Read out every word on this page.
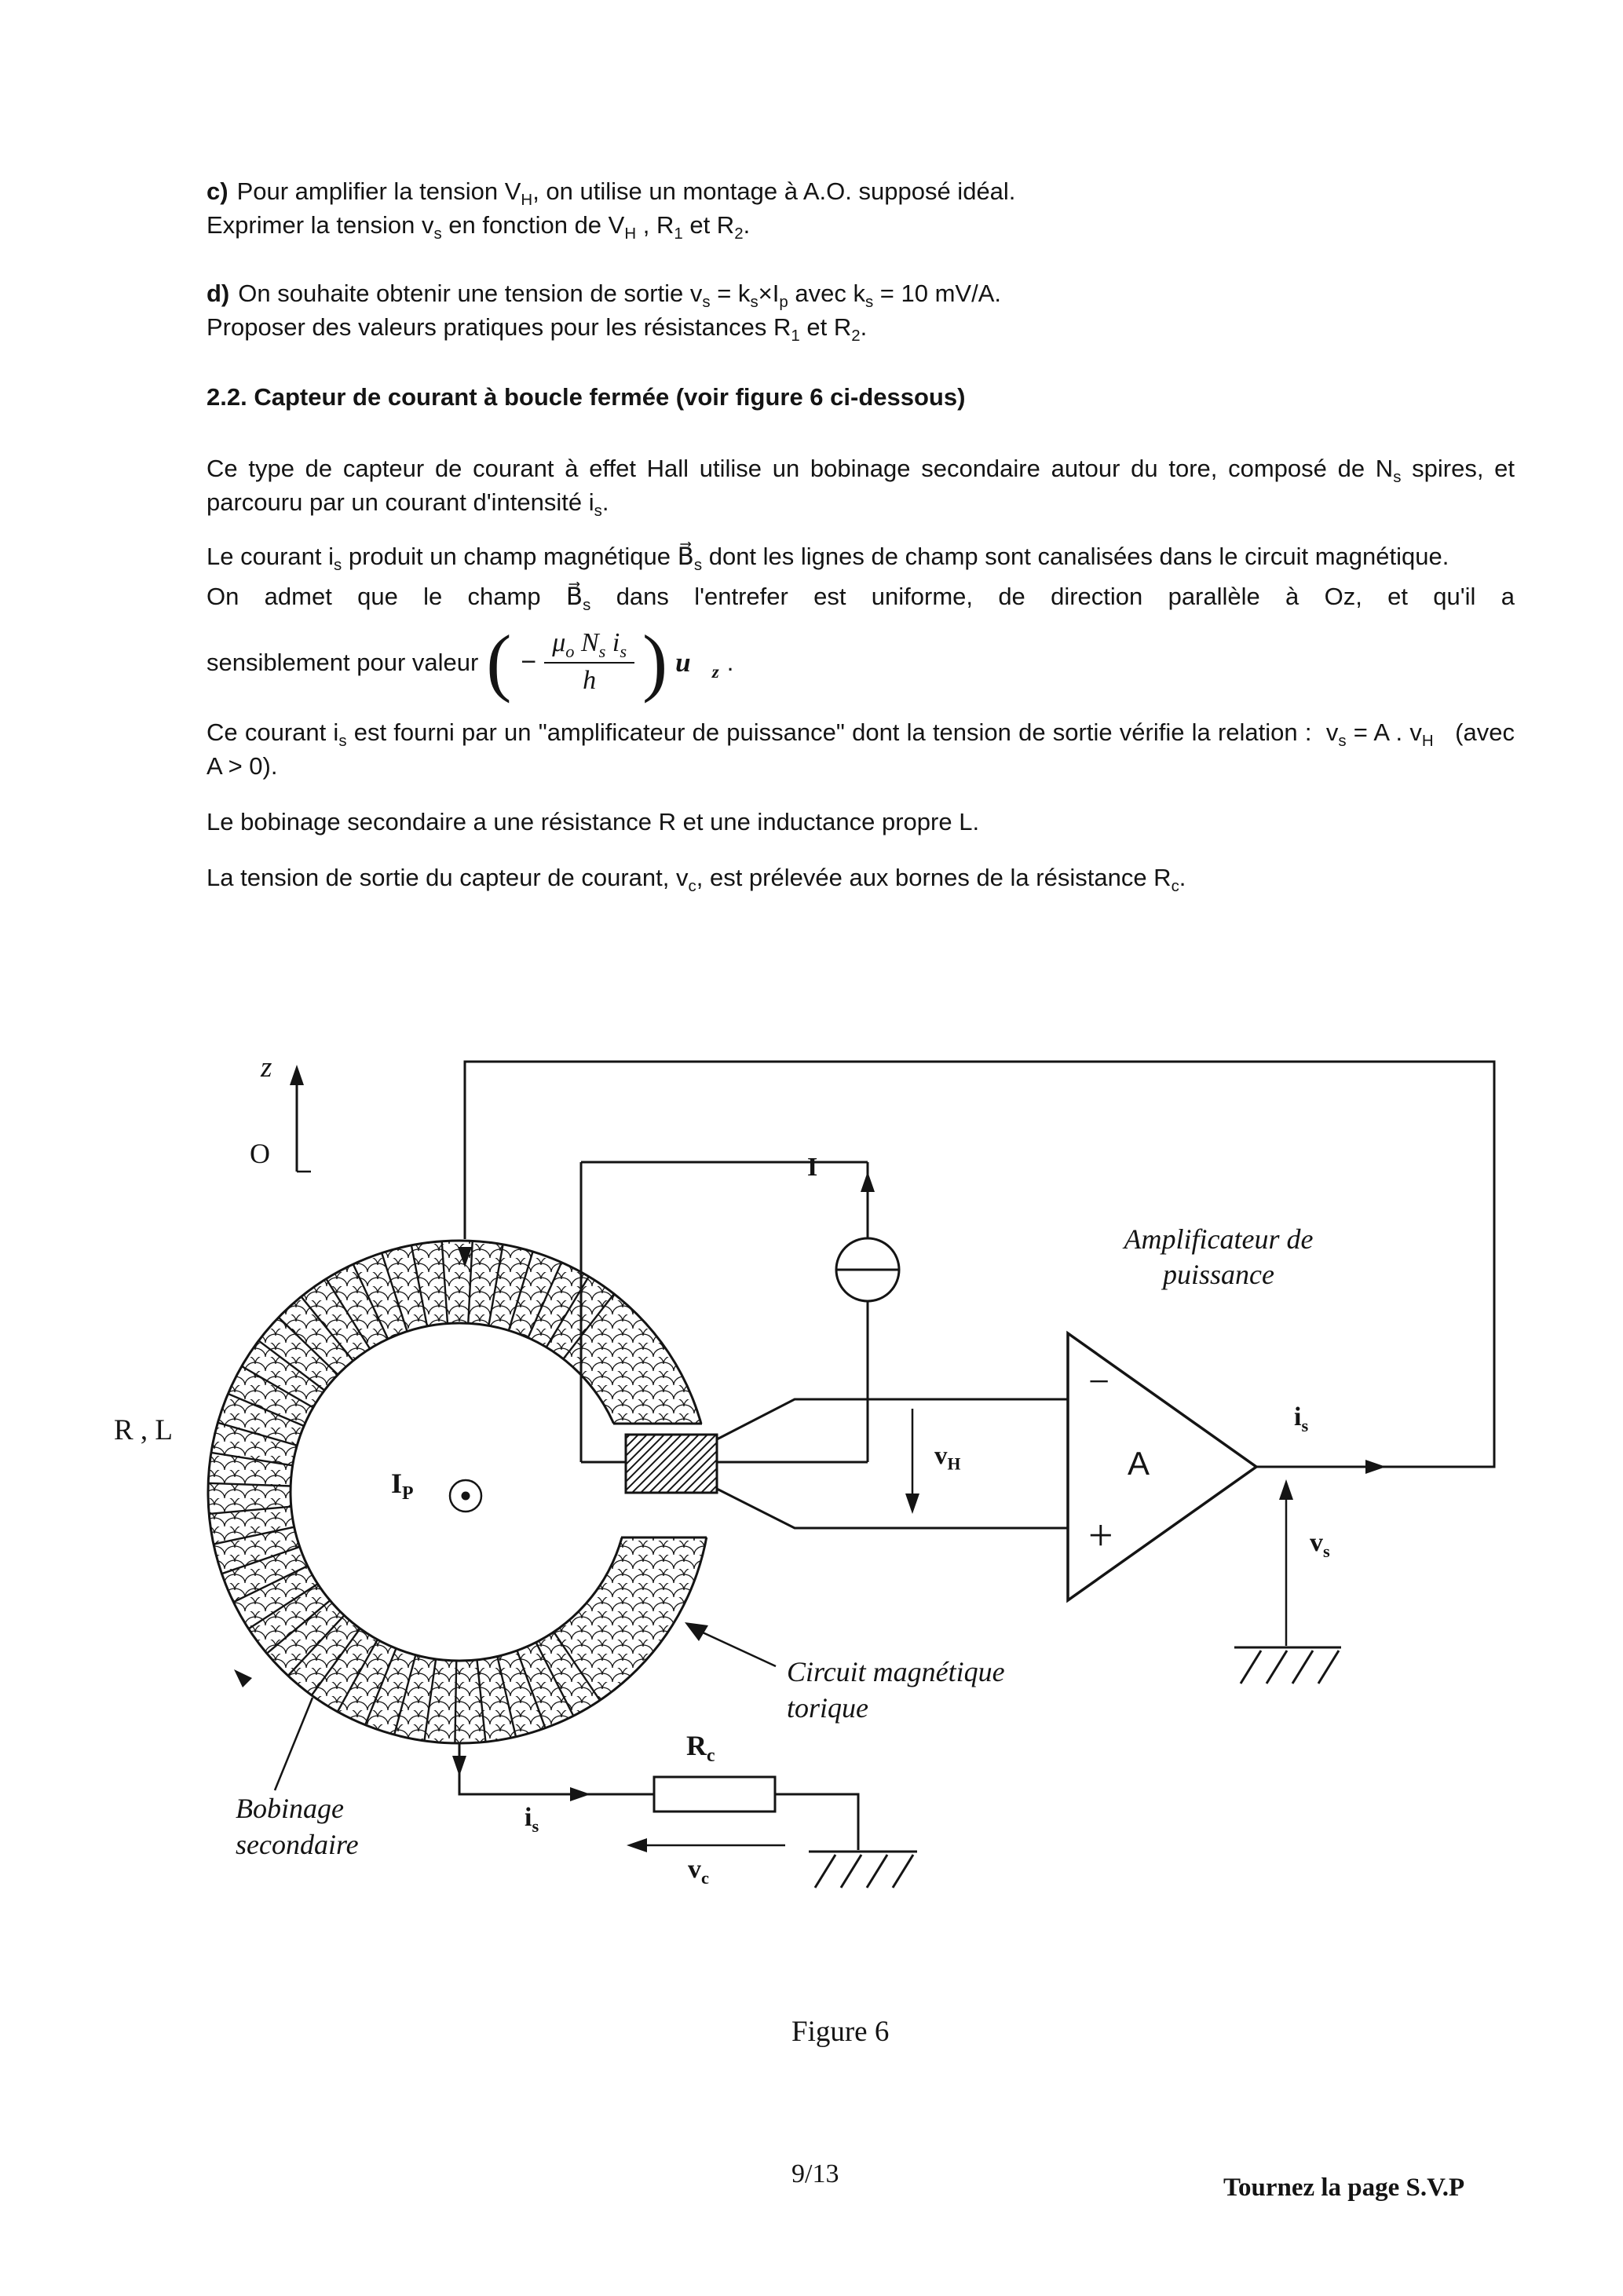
c) Pour amplifier la tension $V_H$, on utilise un montage à A.O. supposé idéal.
Exprimer la tension $v_s$ en fonction de $V_H$ , $R_1$ et $R_2$.
d) On souhaite obtenir une tension de sortie $v_s = k_s\times I_p$ avec $k_s = 10$ mV/A.
Proposer des valeurs pratiques pour les résistances $R_1$ et $R_2$.
2.2. Capteur de courant à boucle fermée (voir figure 6 ci-dessous)
Ce type de capteur de courant à effet Hall utilise un bobinage secondaire autour du tore, composé de $N_s$ spires, et parcouru par un courant d'intensité $i_s$.
Le courant $i_s$ produit un champ magnétique $B⃗_s$ dont les lignes de champ sont canalisées dans le circuit magnétique.
On admet que le champ $B⃗_s$ dans l'entrefer est uniforme, de direction parallèle à Oz, et qu'il a
sensiblement pour valeur ( − $\frac{\mu_o N_s i_s}{h}$ ) $u⃗_z$ .
Ce courant $i_s$ est fourni par un "amplificateur de puissance" dont la tension de sortie vérifie la relation :  $v_s = A$ . $v_H$   (avec A > 0).
Le bobinage secondaire a une résistance R et une inductance propre L.
La tension de sortie du capteur de courant, $v_c$, est prélevée aux bornes de la résistance $R_c$.
z
O	I
Amplificateur de
puissance
R , L
$I_P$
$v_H$	A
−
+
$i_s$
$v_s$
Circuit magnétique
torique
Bobinage
secondaire
$R_c$
$i_s$
$v_c$
Figure 6
9/13	Tournez la page S.V.P
